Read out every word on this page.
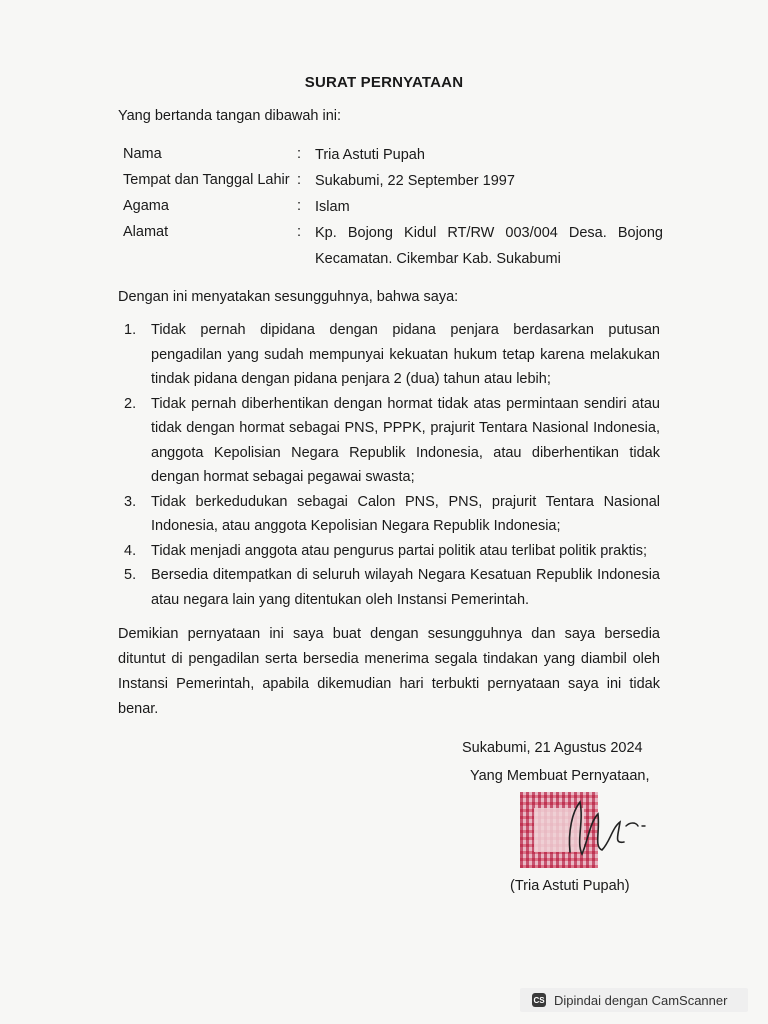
SURAT PERNYATAAN
Yang bertanda tangan dibawah ini:
Nama	: Tria Astuti Pupah
Tempat dan Tanggal Lahir : Sukabumi, 22 September 1997
Agama	: Islam
Alamat	: Kp. Bojong Kidul RT/RW 003/004 Desa. Bojong Kecamatan. Cikembar Kab. Sukabumi
Dengan ini menyatakan sesungguhnya, bahwa saya:
1.	Tidak pernah dipidana dengan pidana penjara berdasarkan putusan pengadilan yang sudah mempunyai kekuatan hukum tetap karena melakukan tindak pidana dengan pidana penjara 2 (dua) tahun atau lebih;
2.	Tidak pernah diberhentikan dengan hormat tidak atas permintaan sendiri atau tidak dengan hormat sebagai PNS, PPPK, prajurit Tentara Nasional Indonesia, anggota Kepolisian Negara Republik Indonesia, atau diberhentikan tidak dengan hormat sebagai pegawai swasta;
3.	Tidak berkedudukan sebagai Calon PNS, PNS, prajurit Tentara Nasional Indonesia, atau anggota Kepolisian Negara Republik Indonesia;
4.	Tidak menjadi anggota atau pengurus partai politik atau terlibat politik praktis;
5.	Bersedia ditempatkan di seluruh wilayah Negara Kesatuan Republik Indonesia atau negara lain yang ditentukan oleh Instansi Pemerintah.
Demikian pernyataan ini saya buat dengan sesungguhnya dan saya bersedia dituntut di pengadilan serta bersedia menerima segala tindakan yang diambil oleh Instansi Pemerintah, apabila dikemudian hari terbukti pernyataan saya ini tidak benar.
Sukabumi, 21 Agustus 2024
Yang Membuat Pernyataan,
(Tria Astuti Pupah)
CS Dipindai dengan CamScanner
